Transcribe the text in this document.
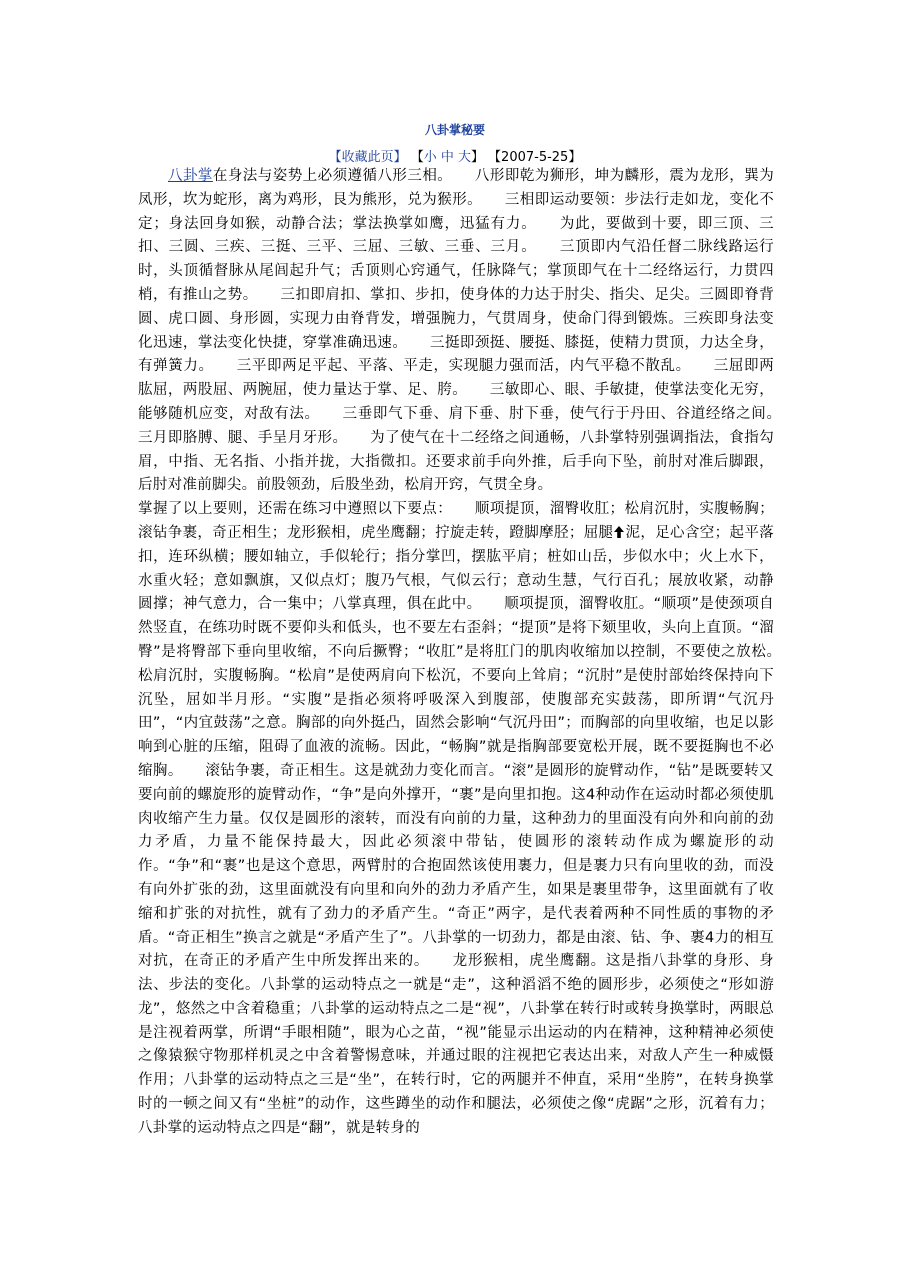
八卦掌秘要
【收藏此页】 【小 中 大】 【2007-5-25】

八卦掌在身法与姿势上必须遵循八形三相。　　八形即乾为狮形，坤为麟形，震为龙形，巽为凤形，坎为蛇形，离为鸡形，艮为熊形，兑为猴形。　　三相即运动要领：步法行走如龙，变化不定；身法回身如猴，动静合法；掌法换掌如鹰，迅猛有力。　　为此，要做到十要，即三顶、三扣、三圆、三疾、三挺、三平、三屈、三敏、三垂、三月。　　三顶即内气沿任督二脉线路运行时，头顶循督脉从尾闾起升气；舌顶则心窍通气，任脉降气；掌顶即气在十二经络运行，力贯四梢，有推山之势。　　三扣即肩扣、掌扣、步扣，使身体的力达于肘尖、指尖、足尖。三圆即脊背圆、虎口圆、身形圆，实现力由脊背发，增强腕力，气贯周身，使命门得到锻炼。三疾即身法变化迅速，掌法变化快捷，穿掌准确迅速。　　三挺即颈挺、腰挺、膝挺，使精力贯顶，力达全身，有弹簧力。　　三平即两足平起、平落、平走，实现腿力强而活，内气平稳不散乱。　　三屈即两肱屈，两股屈、两腕屈，使力量达于掌、足、胯。　　三敏即心、眼、手敏捷，使掌法变化无穷，能够随机应变，对敌有法。　　三垂即气下垂、肩下垂、肘下垂，使气行于丹田、谷道经络之间。　　三月即胳膊、腿、手呈月牙形。　　为了使气在十二经络之间通畅，八卦掌特别强调指法，食指勾眉，中指、无名指、小指并拢，大指微扣。还要求前手向外推，后手向下坠，前肘对准后脚跟，后肘对准前脚尖。前股领劲，后股坐劲，松肩开窍，气贯全身。

掌握了以上要则，还需在练习中遵照以下要点：　　顺项提顶，溜臀收肛；松肩沉肘，实腹畅胸；滚钻争裹，奇正相生；龙形猴相，虎坐鹰翻；拧旋走转，蹬脚摩胫；屈腿 泥，足心含空；起平落扣，连环纵横；腰如轴立，手似轮行；指分掌凹，摆肱平肩；桩如山岳，步似水中；火上水下，水重火轻；意如飘旗，又似点灯；腹乃气根，气似云行；意动生慧，气行百孔；展放收紧，动静圆撑；神气意力，合一集中；八掌真理，俱在此中。　　顺项提顶，溜臀收肛。“顺项”是使颈项自然竖直，在练功时既不要仰头和低头，也不要左右歪斜；“提顶”是将下颏里收，头向上直顶。“溜臀”是将臀部下垂向里收缩，不向后撅臀；“收肛”是将肛门的肌肉收缩加以控制，不要使之放松。　　松肩沉肘，实腹畅胸。“松肩”是使两肩向下松沉，不要向上耸肩；“沉肘”是使肘部始终保持向下沉坠，屈如半月形。“实腹”是指必须将呼吸深入到腹部，使腹部充实鼓荡，即所谓“气沉丹田”，“内宜鼓荡”之意。胸部的向外挺凸，固然会影响“气沉丹田”；而胸部的向里收缩，也足以影响到心脏的压缩，阻碍了血液的流畅。因此，“畅胸”就是指胸部要宽松开展，既不要挺胸也不必缩胸。　　滚钻争裹，奇正相生。这是就劲力变化而言。“滚”是圆形的旋臂动作，“钻”是既要转又要向前的螺旋形的旋臂动作，“争”是向外撑开，“裹”是向里扣抱。这4种动作在运动时都必须使肌肉收缩产生力量。仅仅是圆形的滚转，而没有向前的力量，这种劲力的里面没有向外和向前的劲力矛盾，力量不能保持最大，因此必须滚中带钻，使圆形的滚转动作成为螺旋形的动作。“争”和“裹”也是这个意思，两臂肘的合抱固然该使用裹力，但是裹力只有向里收的劲，而没有向外扩张的劲，这里面就没有向里和向外的劲力矛盾产生，如果是裹里带争，这里面就有了收缩和扩张的对抗性，就有了劲力的矛盾产生。“奇正”两字，是代表着两种不同性质的事物的矛盾。“奇正相生”换言之就是“矛盾产生了”。八卦掌的一切劲力，都是由滚、钻、争、裹4力的相互对抗，在奇正的矛盾产生中所发挥出来的。　　龙形猴相，虎坐鹰翻。这是指八卦掌的身形、身法、步法的变化。八卦掌的运动特点之一就是“走”，这种滔滔不绝的圆形步，必须使之“形如游龙”，悠然之中含着稳重；八卦掌的运动特点之二是“视”，八卦掌在转行时或转身换掌时，两眼总是注视着两掌，所谓“手眼相随”，眼为心之苗，“视”能显示出运动的内在精神，这种精神必须使之像猿猴守物那样机灵之中含着警惕意味，并通过眼的注视把它表达出来，对敌人产生一种威慑作用；八卦掌的运动特点之三是“坐”，在转行时，它的两腿并不伸直，采用“坐胯”，在转身换掌时的一顿之间又有“坐桩”的动作，这些蹲坐的动作和腿法，必须使之像“虎踞”之形，沉着有力；八卦掌的运动特点之四是“翻”，就是转身的
